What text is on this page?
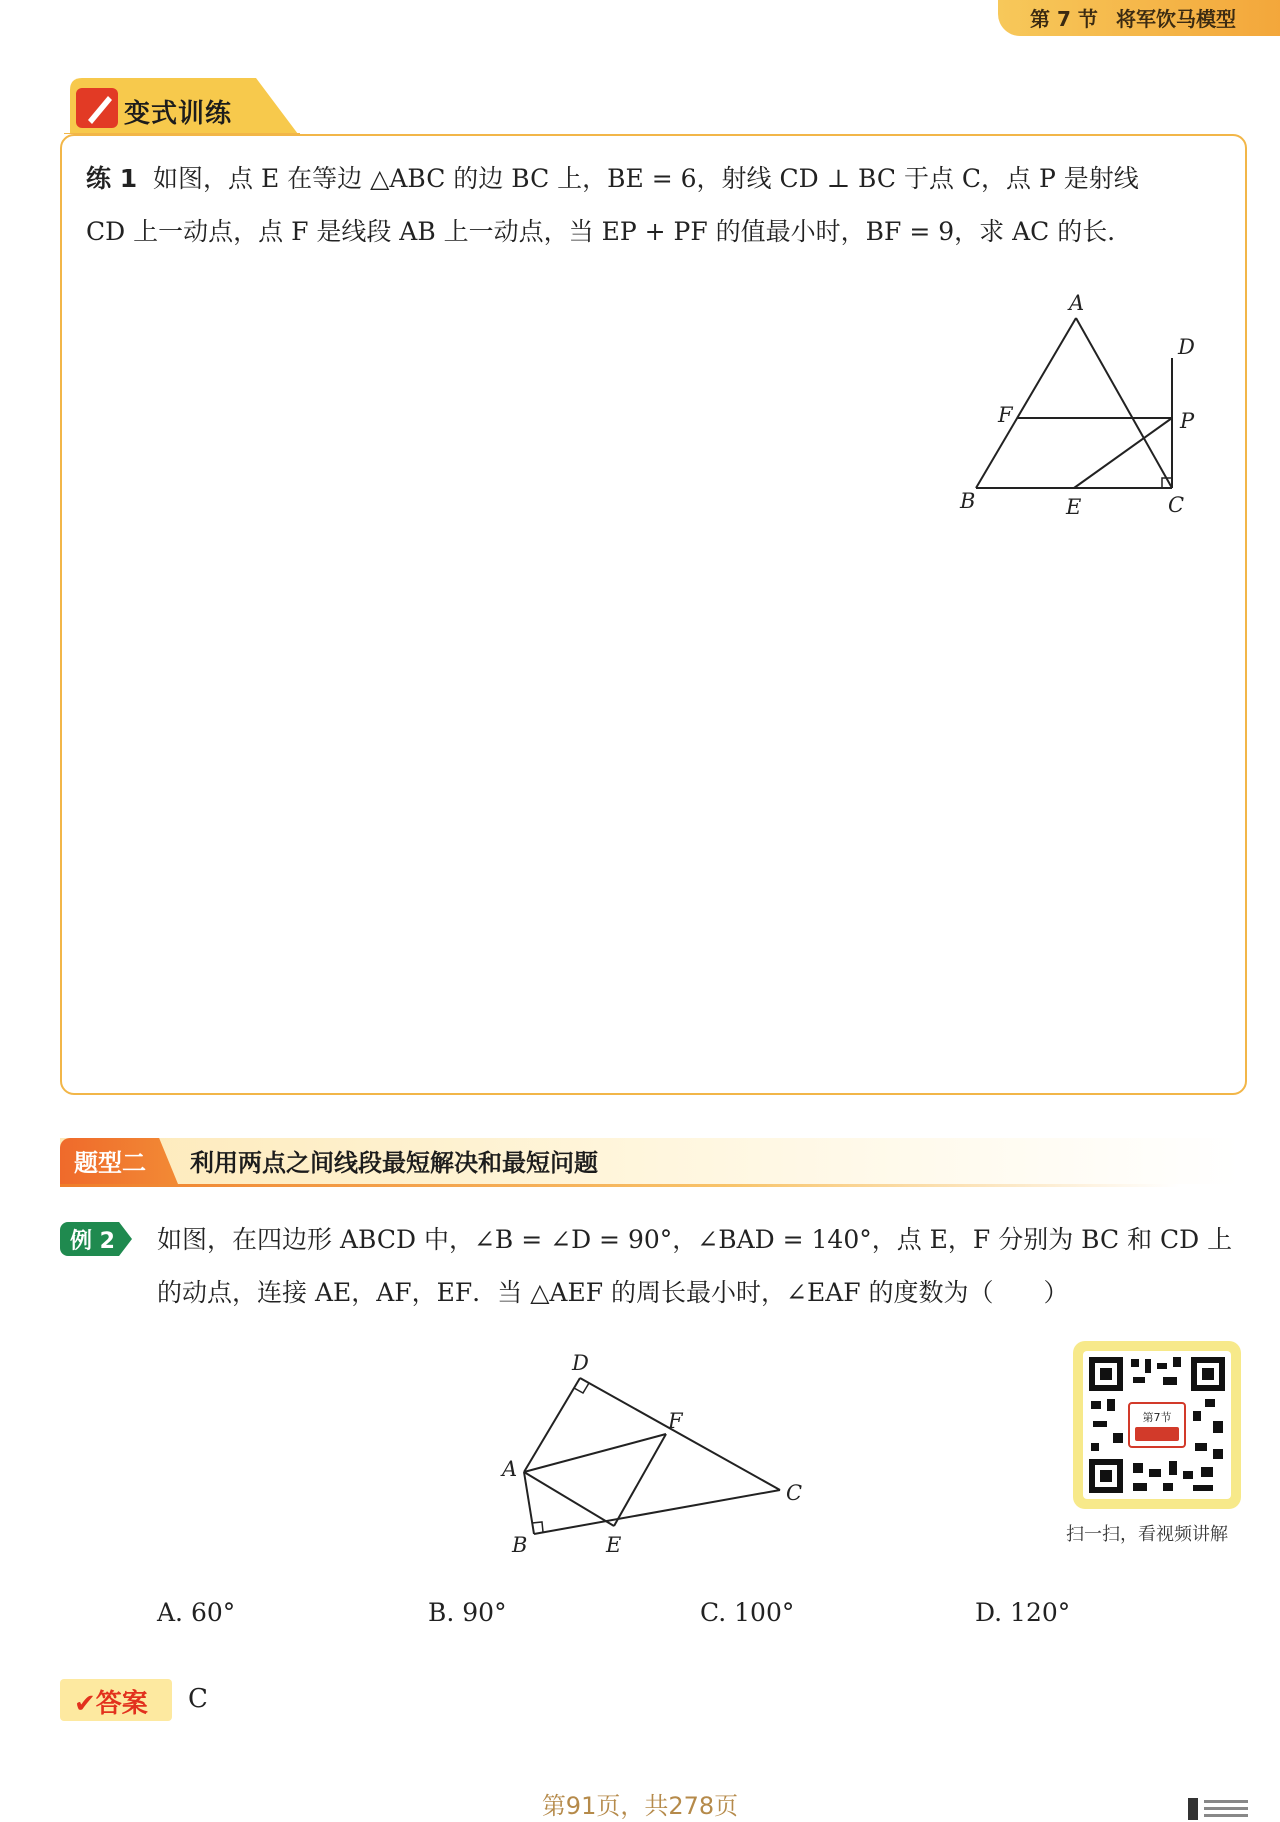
第 7 节 将军饮马模型
变式训练
练 1 如图，点 E 在等边 △ABC 的边 BC 上，BE = 6，射线 CD ⊥ BC 于点 C，点 P 是射线
CD 上一动点，点 F 是线段 AB 上一动点，当 EP + PF 的值最小时，BF = 9，求 AC 的长．
A
D
F	P
B	E	C
题型二 利用两点之间线段最短解决和最短问题
例 2 如图，在四边形 ABCD 中，∠B = ∠D = 90°，∠BAD = 140°，点 E，F 分别为 BC 和 CD 上
的动点，连接 AE，AF，EF．当 △AEF 的周长最小时，∠EAF 的度数为（　　）
D
F
A
C
B	E
第7节
扫一扫，看视频讲解
A. 60°	B. 90°	C. 100°	D. 120°
✔答案 C
第91页，共278页
